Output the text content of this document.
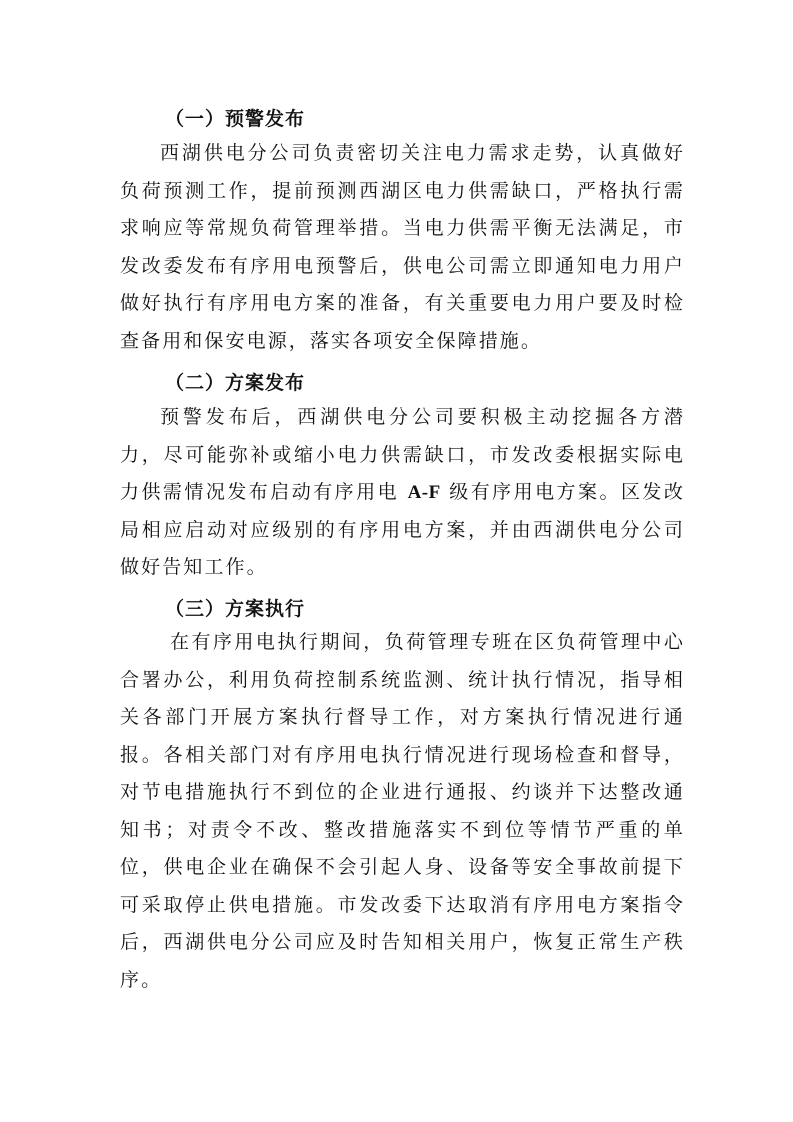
（一）预警发布

西湖供电分公司负责密切关注电力需求走势，认真做好负荷预测工作，提前预测西湖区电力供需缺口，严格执行需求响应等常规负荷管理举措。当电力供需平衡无法满足，市发改委发布有序用电预警后，供电公司需立即通知电力用户做好执行有序用电方案的准备，有关重要电力用户要及时检查备用和保安电源，落实各项安全保障措施。

（二）方案发布

预警发布后，西湖供电分公司要积极主动挖掘各方潜力，尽可能弥补或缩小电力供需缺口，市发改委根据实际电力供需情况发布启动有序用电 A-F 级有序用电方案。区发改局相应启动对应级别的有序用电方案，并由西湖供电分公司做好告知工作。

（三）方案执行

在有序用电执行期间，负荷管理专班在区负荷管理中心合署办公，利用负荷控制系统监测、统计执行情况，指导相关各部门开展方案执行督导工作，对方案执行情况进行通报。各相关部门对有序用电执行情况进行现场检查和督导，对节电措施执行不到位的企业进行通报、约谈并下达整改通知书；对责令不改、整改措施落实不到位等情节严重的单位，供电企业在确保不会引起人身、设备等安全事故前提下可采取停止供电措施。市发改委下达取消有序用电方案指令后，西湖供电分公司应及时告知相关用户，恢复正常生产秩序。
